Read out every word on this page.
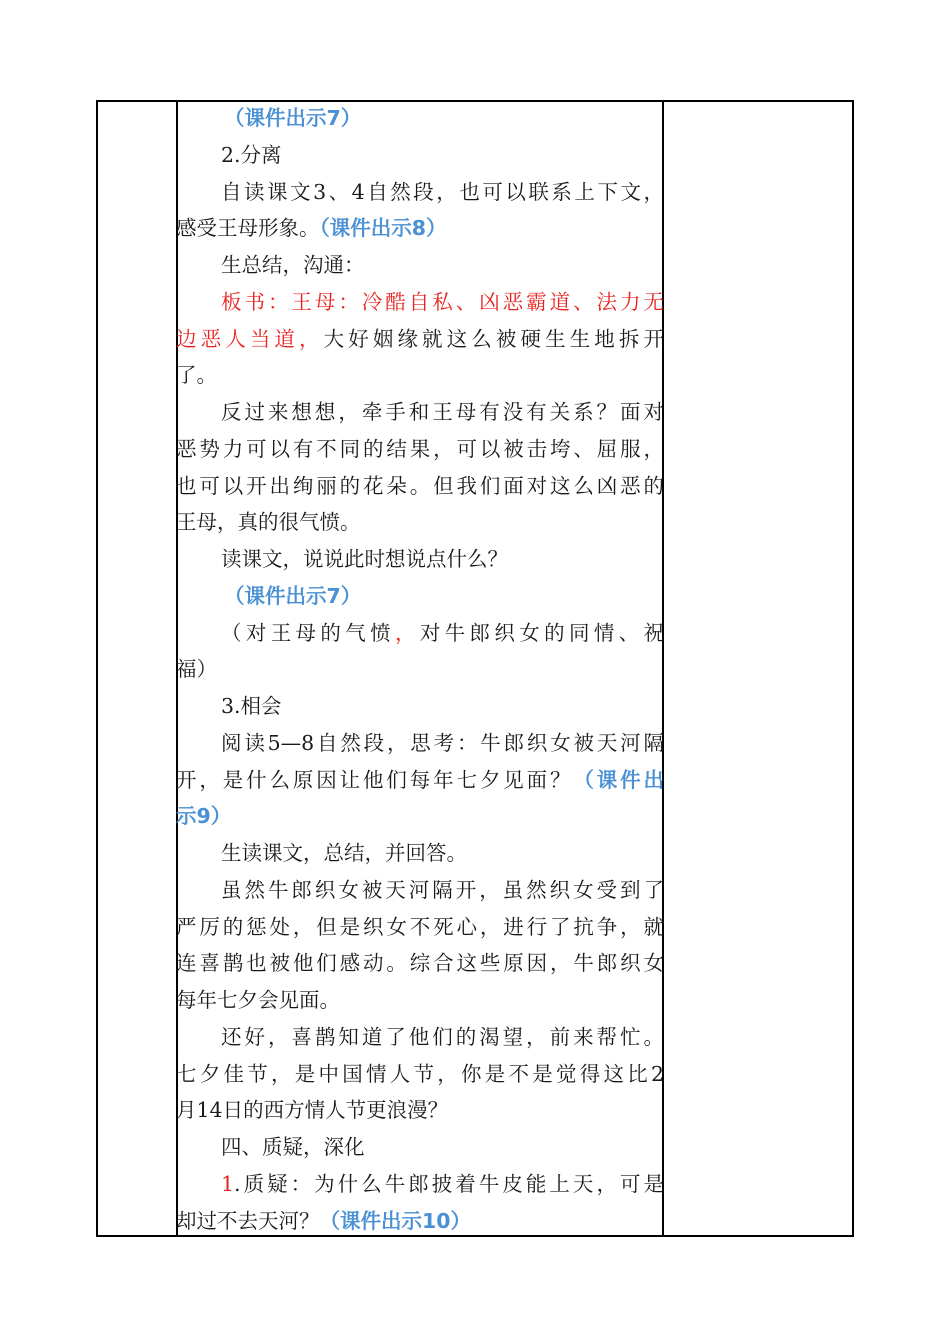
（课件出示7）
2.分离
自读课文3、4自然段，也可以联系上下文，
感受王母形象。（课件出示8）
生总结，沟通：
板书：王母：冷酷自私、凶恶霸道、法力无
边恶人当道，大好姻缘就这么被硬生生地拆开
了。
反过来想想，牵手和王母有没有关系？面对
恶势力可以有不同的结果，可以被击垮、屈服，
也可以开出绚丽的花朵。但我们面对这么凶恶的
王母，真的很气愤。
读课文，说说此时想说点什么？
（课件出示7）
（对王母的气愤，对牛郎织女的同情、祝
福）
3.相会
阅读5—8自然段，思考：牛郎织女被天河隔
开，是什么原因让他们每年七夕见面？（课件出
示9）
生读课文，总结，并回答。
虽然牛郎织女被天河隔开，虽然织女受到了
严厉的惩处，但是织女不死心，进行了抗争，就
连喜鹊也被他们感动。综合这些原因，牛郎织女
每年七夕会见面。
还好，喜鹊知道了他们的渴望，前来帮忙。
七夕佳节，是中国情人节，你是不是觉得这比2
月14日的西方情人节更浪漫？
四、质疑，深化
1.质疑：为什么牛郎披着牛皮能上天，可是
却过不去天河？（课件出示10）
